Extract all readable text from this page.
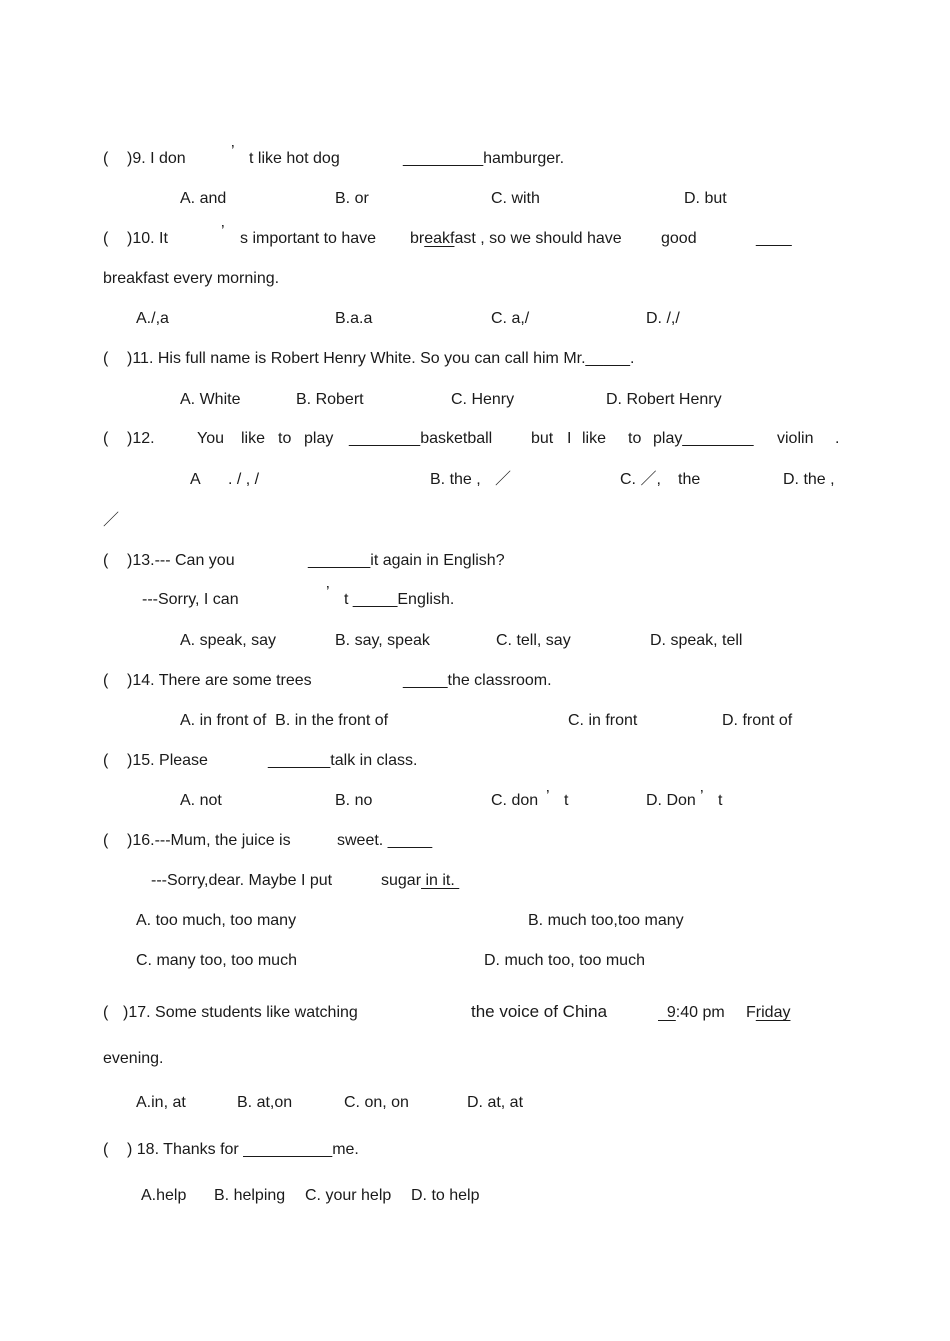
( )9. I don	’ t like hot dog	_________hamburger.
A. and	B. or	C. with	D. but
( )10. It	’ s important to have breakfast , so we should have good	____
breakfast every morning.
A./,a	B.a.a	C. a,/	D. /,/
( )11. His full name is Robert Henry White. So you can call him Mr._____.
A. White	B. Robert	C. Henry	D. Robert Henry
( )12.	You like to play ________basketball but I like to play________ violin .
A . / , /	B. the , ／	C. ／, the	D. the ,
／
( )13.--- Can you	_______it again in English?
---Sorry, I can	’ t _____English.
A. speak, say	B. say, speak	C. tell, say	D. speak, tell
( )14. There are some trees	_____the classroom.
A. in front of  B. in the front of	C. in front	D. front of
( )15. Please	_______talk in class.
A. not	B. no	C. don ’ t	D. Don ’ t
( )16.---Mum, the juice is	sweet. _____
---Sorry,dear. Maybe I put	sugar in it.
A. too much, too many	B. much too,too many
C. many too, too much	D. much too, too much
( )17. Some students like watching	the voice of China	9:40 pm Friday
evening.
A.in, at	B. at,on	C. on, on	D. at, at
( ) 18. Thanks for __________me.
A.help B. helping C. your help D. to help
